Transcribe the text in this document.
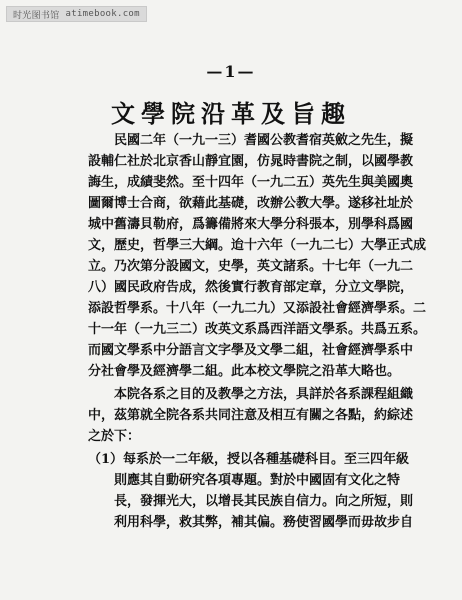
时光图书馆 atimebook.com
—1—
文學院沿革及旨趣
民國二年（一九一三）耆國公教耆宿英斂之先生，擬
設輔仁社於北京香山靜宜園，仿晁時書院之制，以國學教
誨生，成績斐然。至十四年（一九二五）英先生與美國奧
圖爾博士合商，欲藉此基礎，改辦公教大學。遂移社址於
城中舊濤貝勒府，爲籌備將來大學分科張本，別學科爲國
文，歷史，哲學三大綱。迨十六年（一九二七）大學正式成
立。乃次第分設國文，史學，英文諸系。十七年（一九二
八）國民政府告成，然後實行教育部定章，分立文學院，
添設哲學系。十八年（一九二九）又添設社會經濟學系。二
十一年（一九三二）改英文系爲西洋語文學系。共爲五系。
而國文學系中分語言文字學及文學二組，社會經濟學系中
分社會學及經濟學二組。此本校文學院之沿革大略也。
本院各系之目的及教學之方法，具詳於各系課程組織
中，茲第就全院各系共同注意及相互有關之各點，約綜述
之於下：
（1）每系於一二年級，授以各種基礎科目。至三四年級
則應其自動研究各項專題。對於中國固有文化之特
長，發揮光大，以增長其民族自信力。向之所短，則
利用科學，救其弊，補其偏。務使習國學而毋故步自
